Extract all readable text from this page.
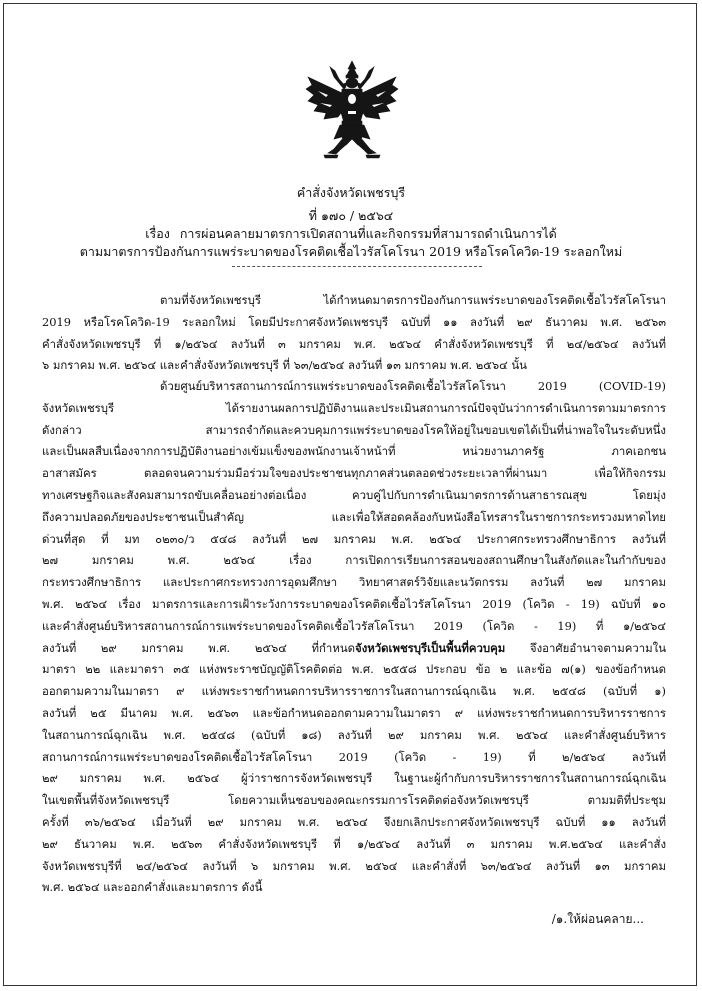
คำสั่งจังหวัดเพชรบุรี
ที่ ๑๗๐ / ๒๕๖๔
เรื่อง การผ่อนคลายมาตรการเปิดสถานที่และกิจกรรมที่สามารถดำเนินการได้
ตามมาตรการป้องกันการแพร่ระบาดของโรคติดเชื้อไวรัสโคโรนา 2019 หรือโรคโควิด-19 ระลอกใหม่
ตามที่จังหวัดเพชรบุรี ได้กำหนดมาตรการป้องกันการแพร่ระบาดของโรคติดเชื้อไวรัสโคโรนา
2019 หรือโรคโควิด-19 ระลอกใหม่ โดยมีประกาศจังหวัดเพชรบุรี ฉบับที่ ๑๑ ลงวันที่ ๒๙ ธันวาคม พ.ศ. ๒๕๖๓
คำสั่งจังหวัดเพชรบุรี ที่ ๑/๒๕๖๔ ลงวันที่ ๓ มกราคม พ.ศ. ๒๕๖๔ คำสั่งจังหวัดเพชรบุรี ที่ ๒๔/๒๕๖๔ ลงวันที่
๖ มกราคม พ.ศ. ๒๕๖๔ และคำสั่งจังหวัดเพชรบุรี ที่ ๖๓/๒๕๖๔ ลงวันที่ ๑๓ มกราคม พ.ศ. ๒๕๖๔ นั้น
ด้วยศูนย์บริหารสถานการณ์การแพร่ระบาดของโรคติดเชื้อไวรัสโคโรนา 2019 (COVID-19)
จังหวัดเพชรบุรี ได้รายงานผลการปฏิบัติงานและประเมินสถานการณ์ปัจจุบันว่าการดำเนินการตามมาตรการ
ดังกล่าว สามารถจำกัดและควบคุมการแพร่ระบาดของโรคให้อยู่ในขอบเขตได้เป็นที่น่าพอใจในระดับหนึ่ง
และเป็นผลสืบเนื่องจากการปฏิบัติงานอย่างเข้มแข็งของพนักงานเจ้าหน้าที่ หน่วยงานภาครัฐ ภาคเอกชน
อาสาสมัคร ตลอดจนความร่วมมือร่วมใจของประชาชนทุกภาคส่วนตลอดช่วงระยะเวลาที่ผ่านมา เพื่อให้กิจกรรม
ทางเศรษฐกิจและสังคมสามารถขับเคลื่อนอย่างต่อเนื่อง ควบคู่ไปกับการดำเนินมาตรการด้านสาธารณสุข โดยมุ่ง
ถึงความปลอดภัยของประชาชนเป็นสำคัญ และเพื่อให้สอดคล้องกับหนังสือโทรสารในราชการกระทรวงมหาดไทย
ด่วนที่สุด ที่ มท ๐๒๓๐/ว ๕๔๘ ลงวันที่ ๒๗ มกราคม พ.ศ. ๒๕๖๔ ประกาศกระทรวงศึกษาธิการ ลงวันที่
๒๗ มกราคม พ.ศ. ๒๕๖๔ เรื่อง การเปิดการเรียนการสอนของสถานศึกษาในสังกัดและในกำกับของ
กระทรวงศึกษาธิการ และประกาศกระทรวงการอุดมศึกษา วิทยาศาสตร์วิจัยและนวัตกรรม ลงวันที่ ๒๗ มกราคม
พ.ศ. ๒๕๖๔ เรื่อง มาตรการและการเฝ้าระวังการระบาดของโรคติดเชื้อไวรัสโคโรนา 2019 (โควิด - 19) ฉบับที่ ๑๐
และคำสั่งศูนย์บริหารสถานการณ์การแพร่ระบาดของโรคติดเชื้อไวรัสโคโรนา 2019 (โควิด - 19) ที่ ๑/๒๕๖๔
ลงวันที่ ๒๙ มกราคม พ.ศ. ๒๕๖๔ ที่กำหนดจังหวัดเพชรบุรีเป็นพื้นที่ควบคุม จึงอาศัยอำนาจตามความใน
มาตรา ๒๒ และมาตรา ๓๕ แห่งพระราชบัญญัติโรคติดต่อ พ.ศ. ๒๕๕๘ ประกอบ ข้อ ๒ และข้อ ๗(๑) ของข้อกำหนด
ออกตามความในมาตรา ๙ แห่งพระราชกำหนดการบริหารราชการในสถานการณ์ฉุกเฉิน พ.ศ. ๒๕๔๘ (ฉบับที่ ๑)
ลงวันที่ ๒๕ มีนาคม พ.ศ. ๒๕๖๓ และข้อกำหนดออกตามความในมาตรา ๙ แห่งพระราชกำหนดการบริหารราชการ
ในสถานการณ์ฉุกเฉิน พ.ศ. ๒๕๔๘ (ฉบับที่ ๑๘) ลงวันที่ ๒๙ มกราคม พ.ศ. ๒๕๖๔ และคำสั่งศูนย์บริหาร
สถานการณ์การแพร่ระบาดของโรคติดเชื้อไวรัสโคโรนา 2019 (โควิด - 19) ที่ ๒/๒๕๖๔ ลงวันที่
๒๙ มกราคม พ.ศ. ๒๕๖๔ ผู้ว่าราชการจังหวัดเพชรบุรี ในฐานะผู้กำกับการบริหารราชการในสถานการณ์ฉุกเฉิน
ในเขตพื้นที่จังหวัดเพชรบุรี โดยความเห็นชอบของคณะกรรมการโรคติดต่อจังหวัดเพชรบุรี ตามมติที่ประชุม
ครั้งที่ ๓๖/๒๕๖๔ เมื่อวันที่ ๒๙ มกราคม พ.ศ. ๒๕๖๔ จึงยกเลิกประกาศจังหวัดเพชรบุรี ฉบับที่ ๑๑ ลงวันที่
๒๙ ธันวาคม พ.ศ. ๒๕๖๓ คำสั่งจังหวัดเพชรบุรี ที่ ๑/๒๕๖๔ ลงวันที่ ๓ มกราคม พ.ศ.๒๕๖๔ และคำสั่ง
จังหวัดเพชรบุรีที่ ๒๔/๒๕๖๔ ลงวันที่ ๖ มกราคม พ.ศ. ๒๕๖๔ และคำสั่งที่ ๖๓/๒๕๖๔ ลงวันที่ ๑๓ มกราคม
พ.ศ. ๒๕๖๔ และออกคำสั่งและมาตรการ ดังนี้
/๑.ให้ผ่อนคลาย...
